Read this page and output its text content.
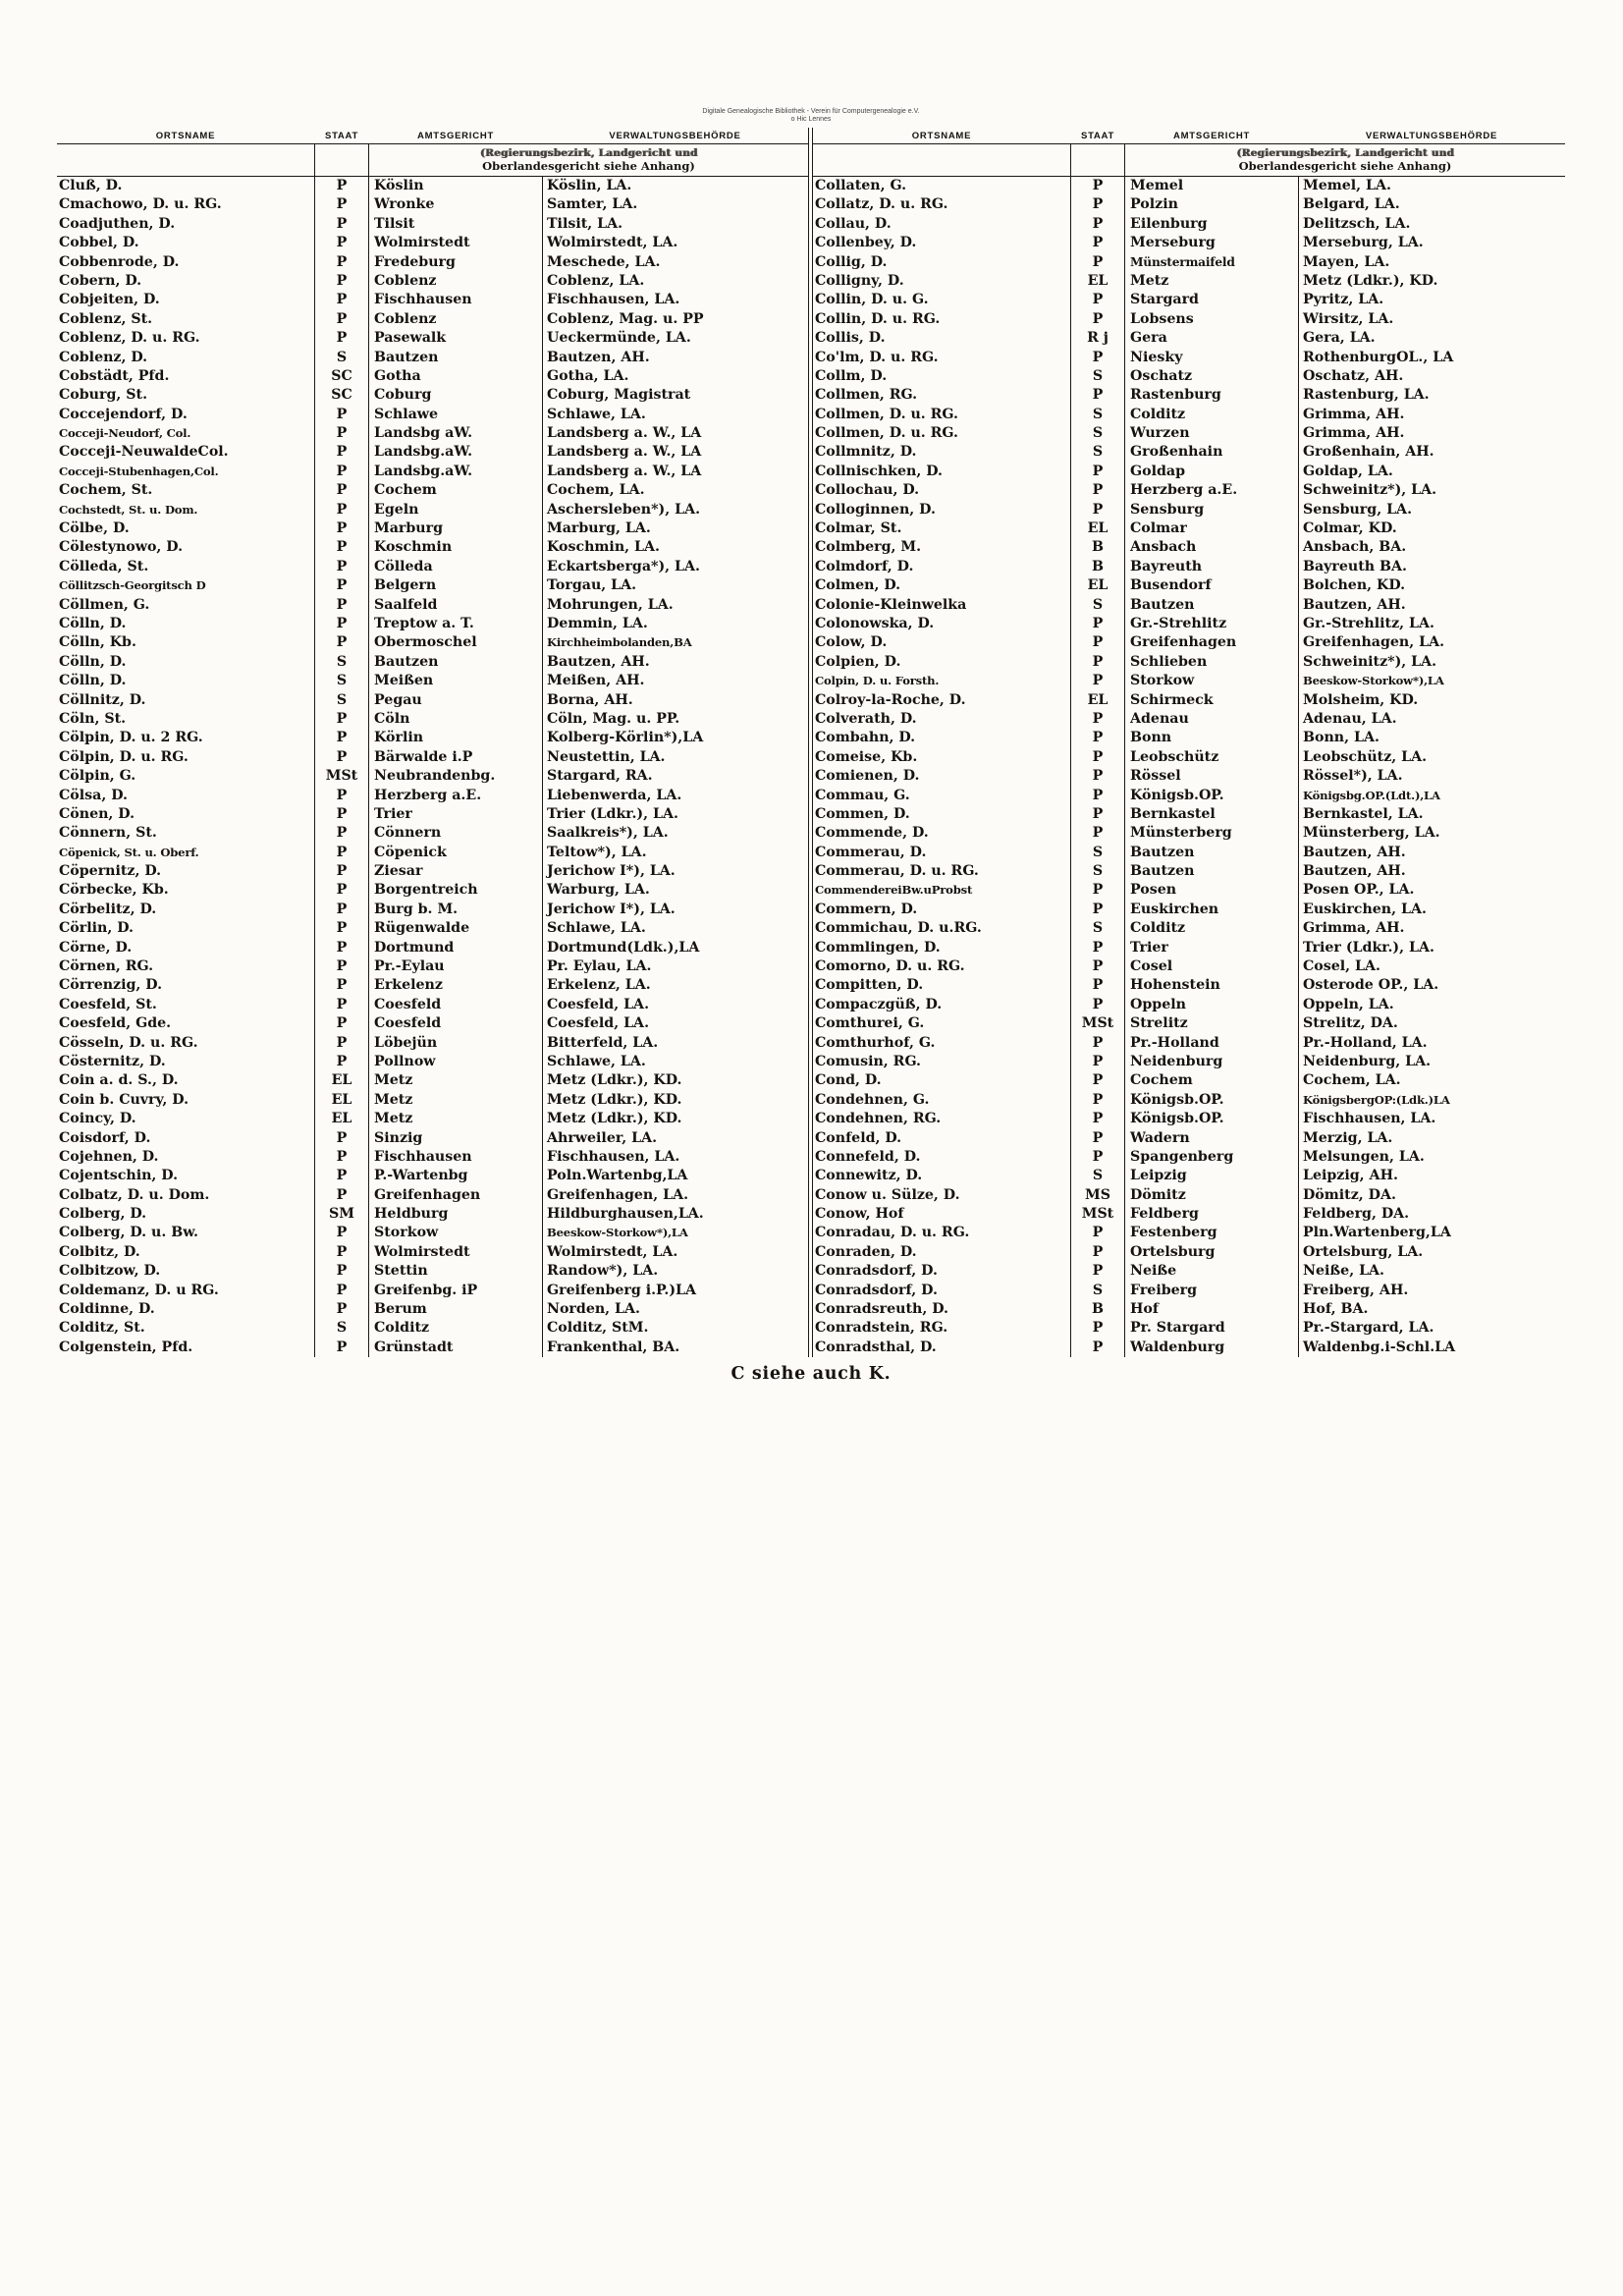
Digitale Genealogische Bibliothek - Verein für Computergenealogie e.V.
o Hic Lennes
ORTSNAME	STAAT	AMTSGERICHT	VERWALTUNGSBEHÖRDE	ORTSNAME	STAAT	AMTSGERICHT	VERWALTUNGSBEHÖRDE
(Regierungsbezirk, Landgericht und
Oberlandesgericht siehe Anhang)
(Regierungsbezirk, Landgericht und
Oberlandesgericht siehe Anhang)
Cluß, D.	P	Köslin	Köslin, LA.
Cmachowo, D. u. RG.	P	Wronke	Samter, LA.
Coadjuthen, D.	P	Tilsit	Tilsit, LA.
Cobbel, D.	P	Wolmirstedt	Wolmirstedt, LA.
Cobbenrode, D.	P	Fredeburg	Meschede, LA.
Cobern, D.	P	Coblenz	Coblenz, LA.
Cobjeiten, D.	P	Fischhausen	Fischhausen, LA.
Coblenz, St.	P	Coblenz	Coblenz, Mag. u. PP
Coblenz, D. u. RG.	P	Pasewalk	Ueckermünde, LA.
Coblenz, D.	S	Bautzen	Bautzen, AH.
Cobstädt, Pfd.	SC	Gotha	Gotha, LA.
Coburg, St.	SC	Coburg	Coburg, Magistrat
Coccejendorf, D.	P	Schlawe	Schlawe, LA.
Cocceji-Neudorf, Col.	P	Landsbg aW.	Landsberg a. W., LA
Cocceji-NeuwaldeCol.	P	Landsbg.aW.	Landsberg a. W., LA
Cocceji-Stubenhagen,Col.	P	Landsbg.aW.	Landsberg a. W., LA
Cochem, St.	P	Cochem	Cochem, LA.
Cochstedt, St. u. Dom.	P	Egeln	Aschersleben*), LA.
Cölbe, D.	P	Marburg	Marburg, LA.
Cölestynowo, D.	P	Koschmin	Koschmin, LA.
Cölleda, St.	P	Cölleda	Eckartsberga*), LA.
Cöllitzsch-Georgitsch D	P	Belgern	Torgau, LA.
Cöllmen, G.	P	Saalfeld	Mohrungen, LA.
Cölln, D.	P	Treptow a. T.	Demmin, LA.
Cölln, Kb.	P	Obermoschel	Kirchheimbolanden,BA
Cölln, D.	S	Bautzen	Bautzen, AH.
Cölln, D.	S	Meißen	Meißen, AH.
Cöllnitz, D.	S	Pegau	Borna, AH.
Cöln, St.	P	Cöln	Cöln, Mag. u. PP.
Cölpin, D. u. 2 RG.	P	Körlin	Kolberg-Körlin*),LA
Cölpin, D. u. RG.	P	Bärwalde i.P	Neustettin, LA.
Cölpin, G.	MSt	Neubrandenbg.	Stargard, RA.
Cölsa, D.	P	Herzberg a.E.	Liebenwerda, LA.
Cönen, D.	P	Trier	Trier (Ldkr.), LA.
Cönnern, St.	P	Cönnern	Saalkreis*), LA.
Cöpenick, St. u. Oberf.	P	Cöpenick	Teltow*), LA.
Cöpernitz, D.	P	Ziesar	Jerichow I*), LA.
Cörbecke, Kb.	P	Borgentreich	Warburg, LA.
Cörbelitz, D.	P	Burg b. M.	Jerichow I*), LA.
Cörlin, D.	P	Rügenwalde	Schlawe, LA.
Cörne, D.	P	Dortmund	Dortmund(Ldk.),LA
Cörnen, RG.	P	Pr.-Eylau	Pr. Eylau, LA.
Cörrenzig, D.	P	Erkelenz	Erkelenz, LA.
Coesfeld, St.	P	Coesfeld	Coesfeld, LA.
Coesfeld, Gde.	P	Coesfeld	Coesfeld, LA.
Cösseln, D. u. RG.	P	Löbejün	Bitterfeld, LA.
Cösternitz, D.	P	Pollnow	Schlawe, LA.
Coin a. d. S., D.	EL	Metz	Metz (Ldkr.), KD.
Coin b. Cuvry, D.	EL	Metz	Metz (Ldkr.), KD.
Coincy, D.	EL	Metz	Metz (Ldkr.), KD.
Coisdorf, D.	P	Sinzig	Ahrweiler, LA.
Cojehnen, D.	P	Fischhausen	Fischhausen, LA.
Cojentschin, D.	P	P.-Wartenbg	Poln.Wartenbg,LA
Colbatz, D. u. Dom.	P	Greifenhagen	Greifenhagen, LA.
Colberg, D.	SM	Heldburg	Hildburghausen,LA.
Colberg, D. u. Bw.	P	Storkow	Beeskow-Storkow*),LA
Colbitz, D.	P	Wolmirstedt	Wolmirstedt, LA.
Colbitzow, D.	P	Stettin	Randow*), LA.
Coldemanz, D. u RG.	P	Greifenbg. iP	Greifenberg i.P.)LA
Coldinne, D.	P	Berum	Norden, LA.
Colditz, St.	S	Colditz	Colditz, StM.
Colgenstein, Pfd.	P	Grünstadt	Frankenthal, BA.
Collaten, G.	P	Memel	Memel, LA.
Collatz, D. u. RG.	P	Polzin	Belgard, LA.
Collau, D.	P	Eilenburg	Delitzsch, LA.
Collenbey, D.	P	Merseburg	Merseburg, LA.
Collig, D.	P	Münstermaifeld	Mayen, LA.
Colligny, D.	EL	Metz	Metz (Ldkr.), KD.
Collin, D. u. G.	P	Stargard	Pyritz, LA.
Collin, D. u. RG.	P	Lobsens	Wirsitz, LA.
Collis, D.	R j	Gera	Gera, LA.
Co'lm, D. u. RG.	P	Niesky	RothenburgOL., LA
Collm, D.	S	Oschatz	Oschatz, AH.
Collmen, RG.	P	Rastenburg	Rastenburg, LA.
Collmen, D. u. RG.	S	Colditz	Grimma, AH.
Collmen, D. u. RG.	S	Wurzen	Grimma, AH.
Collmnitz, D.	S	Großenhain	Großenhain, AH.
Collnischken, D.	P	Goldap	Goldap, LA.
Collochau, D.	P	Herzberg a.E.	Schweinitz*), LA.
Colloginnen, D.	P	Sensburg	Sensburg, LA.
Colmar, St.	EL	Colmar	Colmar, KD.
Colmberg, M.	B	Ansbach	Ansbach, BA.
Colmdorf, D.	B	Bayreuth	Bayreuth BA.
Colmen, D.	EL	Busendorf	Bolchen, KD.
Colonie-Kleinwelka	S	Bautzen	Bautzen, AH.
Colonowska, D.	P	Gr.-Strehlitz	Gr.-Strehlitz, LA.
Colow, D.	P	Greifenhagen	Greifenhagen, LA.
Colpien, D.	P	Schlieben	Schweinitz*), LA.
Colpin, D. u. Forsth.	P	Storkow	Beeskow-Storkow*),LA
Colroy-la-Roche, D.	EL	Schirmeck	Molsheim, KD.
Colverath, D.	P	Adenau	Adenau, LA.
Combahn, D.	P	Bonn	Bonn, LA.
Comeise, Kb.	P	Leobschütz	Leobschütz, LA.
Comienen, D.	P	Rössel	Rössel*), LA.
Commau, G.	P	Königsb.OP.	Königsbg.OP.(Ldt.),LA
Commen, D.	P	Bernkastel	Bernkastel, LA.
Commende, D.	P	Münsterberg	Münsterberg, LA.
Commerau, D.	S	Bautzen	Bautzen, AH.
Commerau, D. u. RG.	S	Bautzen	Bautzen, AH.
CommendereiBw.uProbst	P	Posen	Posen OP., LA.
Commern, D.	P	Euskirchen	Euskirchen, LA.
Commichau, D. u.RG.	S	Colditz	Grimma, AH.
Commlingen, D.	P	Trier	Trier (Ldkr.), LA.
Comorno, D. u. RG.	P	Cosel	Cosel, LA.
Compitten, D.	P	Hohenstein	Osterode OP., LA.
Compaczgüß, D.	P	Oppeln	Oppeln, LA.
Comthurei, G.	MSt	Strelitz	Strelitz, DA.
Comthurhof, G.	P	Pr.-Holland	Pr.-Holland, LA.
Comusin, RG.	P	Neidenburg	Neidenburg, LA.
Cond, D.	P	Cochem	Cochem, LA.
Condehnen, G.	P	Königsb.OP.	KönigsbergOP:(Ldk.)LA
Condehnen, RG.	P	Königsb.OP.	Fischhausen, LA.
Confeld, D.	P	Wadern	Merzig, LA.
Connefeld, D.	P	Spangenberg	Melsungen, LA.
Connewitz, D.	S	Leipzig	Leipzig, AH.
Conow u. Sülze, D.	MS	Dömitz	Dömitz, DA.
Conow, Hof	MSt	Feldberg	Feldberg, DA.
Conradau, D. u. RG.	P	Festenberg	Pln.Wartenberg,LA
Conraden, D.	P	Ortelsburg	Ortelsburg, LA.
Conradsdorf, D.	P	Neiße	Neiße, LA.
Conradsdorf, D.	S	Freiberg	Freiberg, AH.
Conradsreuth, D.	B	Hof	Hof, BA.
Conradstein, RG.	P	Pr. Stargard	Pr.-Stargard, LA.
Conradsthal, D.	P	Waldenburg	Waldenbg.i-Schl.LA
C siehe auch K.
